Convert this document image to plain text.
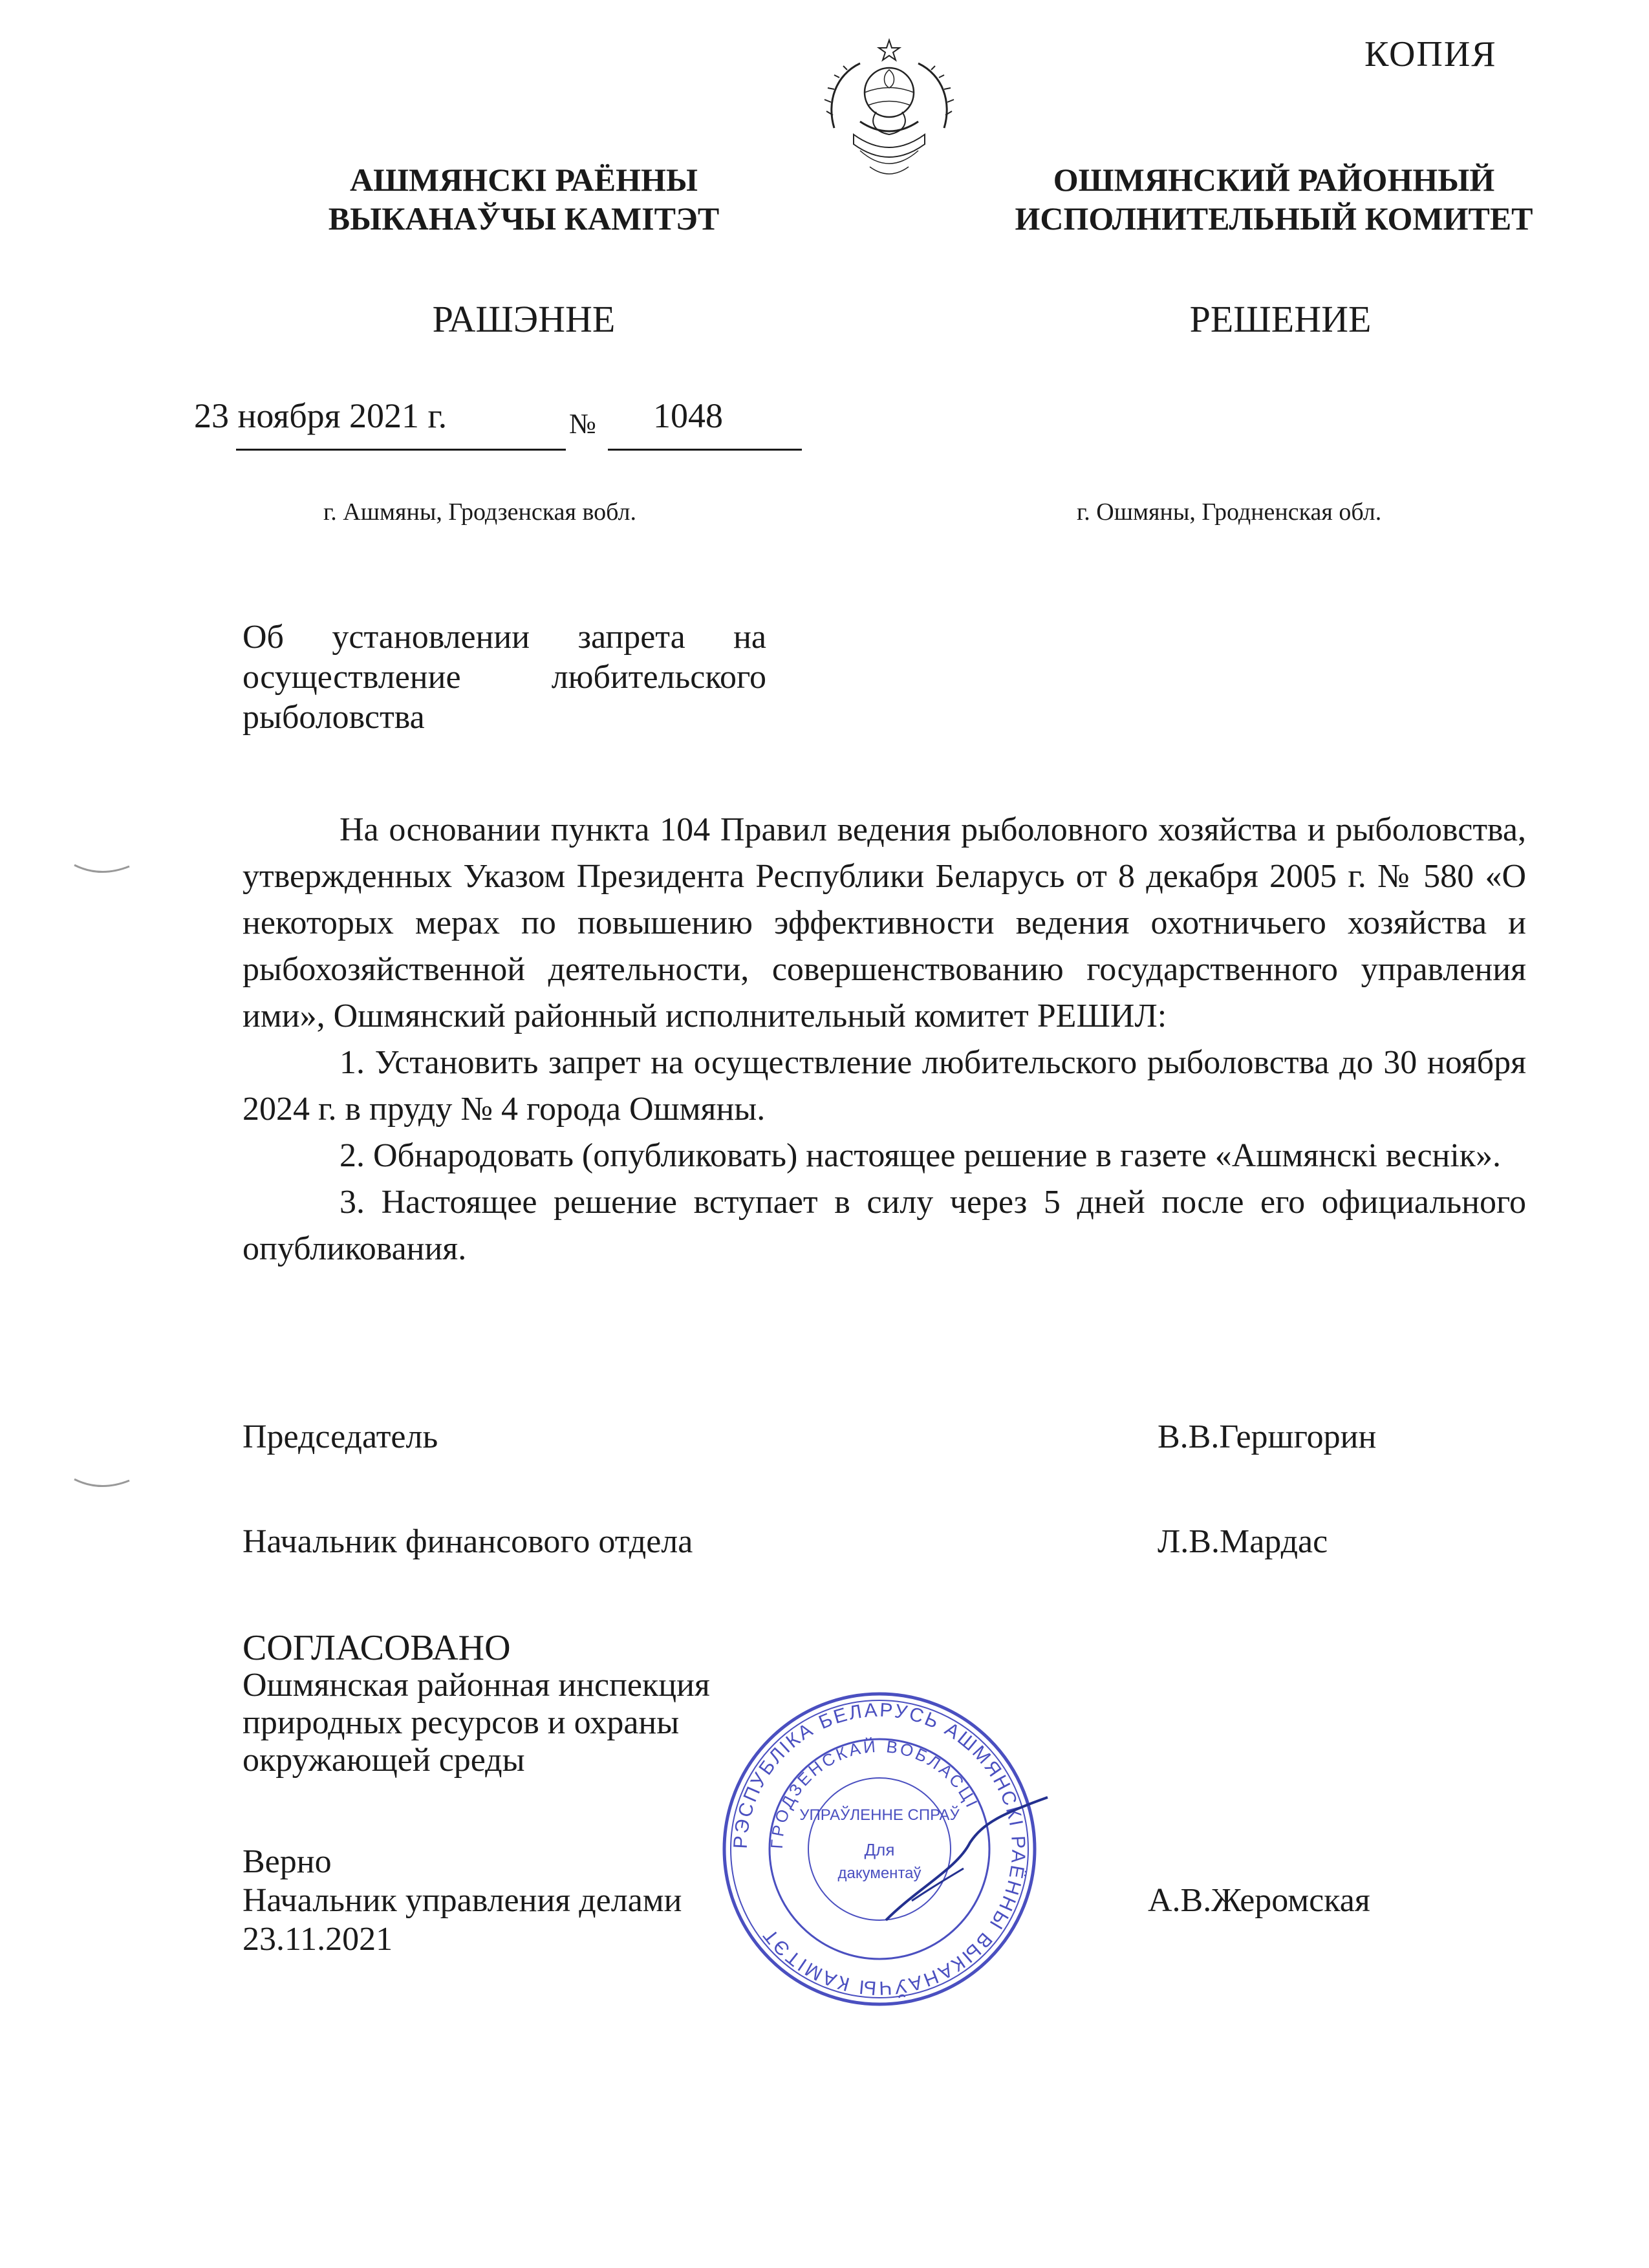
КОПИЯ
АШМЯНСКІ РАЁННЫ
ВЫКАНАЎЧЫ КАМІТЭТ
ОШМЯНСКИЙ РАЙОННЫЙ
ИСПОЛНИТЕЛЬНЫЙ КОМИТЕТ
РАШЭННЕ	РЕШЕНИЕ
23 ноября 2021 г.	№ 1048
г. Ашмяны, Гродзенская вобл.	г. Ошмяны, Гродненская обл.
Об установлении запрета на осуществление любительского рыболовства

На основании пункта 104 Правил ведения рыболовного хозяйства и рыболовства, утвержденных Указом Президента Республики Беларусь от 8 декабря 2005 г. № 580 «О некоторых мерах по повышению эффективности ведения охотничьего хозяйства и рыбохозяйственной деятельности, совершенствованию государственного управления ими», Ошмянский районный исполнительный комитет РЕШИЛ:

1. Установить запрет на осуществление любительского рыболовства до 30 ноября 2024 г. в пруду № 4 города Ошмяны.

2. Обнародовать (опубликовать) настоящее решение в газете «Ашмянскі веснік».

3. Настоящее решение вступает в силу через 5 дней после его официального опубликования.

Председатель	В.В.Гершгорин
Начальник финансового отдела	Л.В.Мардас
СОГЛАСОВАНО
Ошмянская районная инспекция
природных ресурсов и охраны
окружающей среды
Верно
Начальник управления делами
23.11.2021
А.В.Жеромская
РЭСПУБЛІКА БЕЛАРУСЬ АШМЯНСКІ РАЁННЫ ВЫКАНАЎЧЫ КАМІТЭТ
ГРОДЗЕНСКАЙ ВОБЛАСЦІ
УПРАЎЛЕННЕ СПРАЎ
Для
дакументаў
